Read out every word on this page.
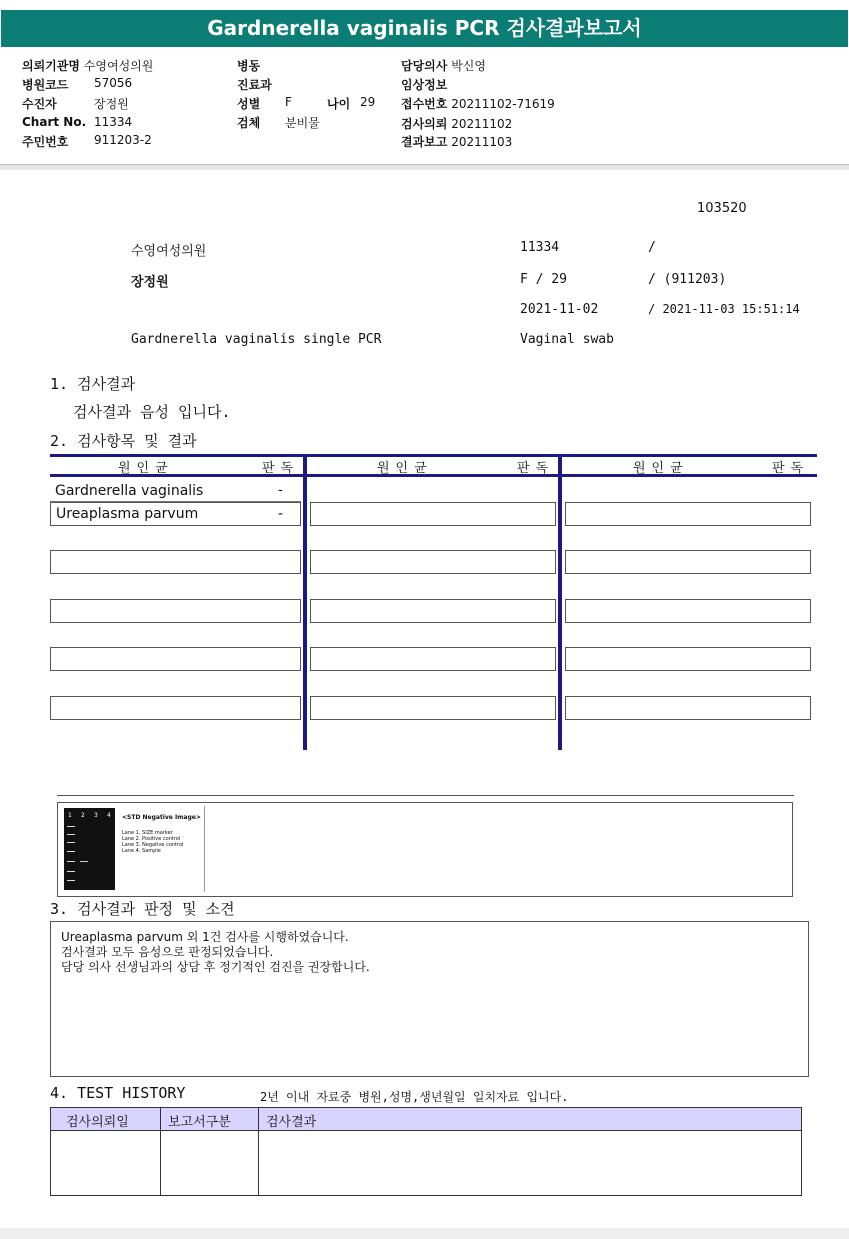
Gardnerella vaginalis PCR 검사결과보고서
의뢰기관명 수영여성의원
병원코드 57056
수진자	장정원
Chart No. 11334
주민번호 911203-2
병동
진료과
성별 F	나이 29
검체 분비물
담당의사 박신영
임상정보
접수번호 20211102-71619
검사의뢰 20211102
결과보고 20211103
103520
수영여성의원	11334	/
장정원	F / 29	/ (911203)
2021-11-02	/ 2021-11-03 15:51:14
Gardnerella vaginalis single PCR	Vaginal swab
1. 검사결과
검사결과 음성 입니다.
2. 검사항목 및 결과
원인균	판독	원인균	판독	원인균	판독
Gardnerella vaginalis	-
Ureaplasma parvum	-
1 2 3 4 <STD Negative Image>
Lane 1. SIZE marker
Lane 2. Positive control
Lane 3. Negative control
Lane 4. Sample
3. 검사결과 판정 및 소견
Ureaplasma parvum 외 1건 검사를 시행하였습니다.
검사결과 모두 음성으로 판정되었습니다.
담당 의사 선생님과의 상담 후 정기적인 검진을 권장합니다.
4. TEST HISTORY	2년 이내 자료중 병원,성명,생년월일 일치자료 입니다.
검사의뢰일	보고서구분	검사결과
